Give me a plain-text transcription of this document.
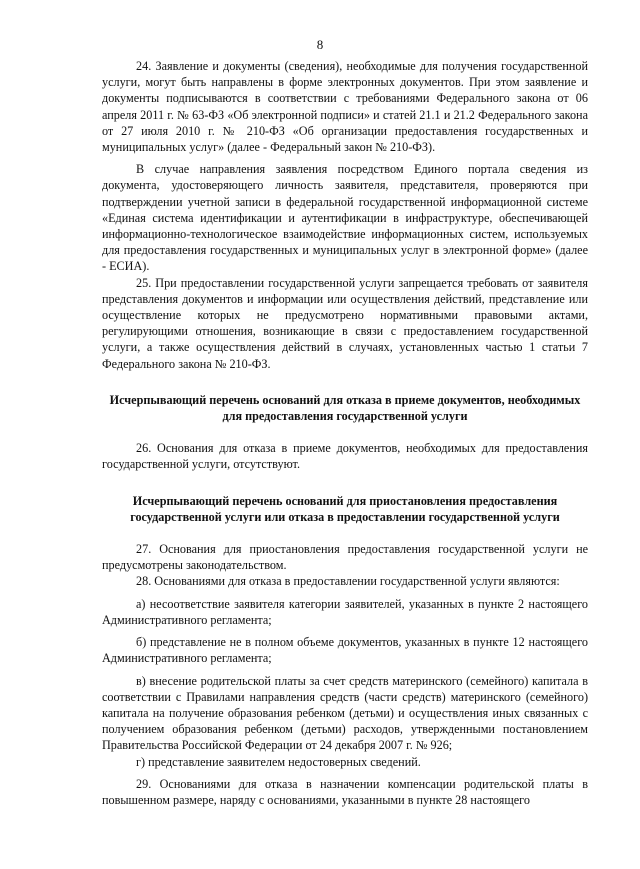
8

24. Заявление и документы (сведения), необходимые для получения государственной услуги, могут быть направлены в форме электронных документов. При этом заявление и документы подписываются в соответствии с требованиями Федерального закона от 06 апреля 2011 г. № 63-ФЗ «Об электронной подписи» и статей 21.1 и 21.2 Федерального закона от 27 июля 2010 г. № 210-ФЗ «Об организации предоставления государственных и муниципальных услуг» (далее - Федеральный закон № 210-ФЗ).

В случае направления заявления посредством Единого портала сведения из документа, удостоверяющего личность заявителя, представителя, проверяются при подтверждении учетной записи в федеральной государственной информационной системе «Единая система идентификации и аутентификации в инфраструктуре, обеспечивающей информационно-технологическое взаимодействие информационных систем, используемых для предоставления государственных и муниципальных услуг в электронной форме» (далее - ЕСИА).

25. При предоставлении государственной услуги запрещается требовать от заявителя представления документов и информации или осуществления действий, представление или осуществление которых не предусмотрено нормативными правовыми актами, регулирующими отношения, возникающие в связи с предоставлением государственной услуги, а также осуществления действий в случаях, установленных частью 1 статьи 7 Федерального закона № 210-ФЗ.

Исчерпывающий перечень оснований для отказа в приеме документов, необходимых для предоставления государственной услуги

26. Основания для отказа в приеме документов, необходимых для предоставления государственной услуги, отсутствуют.

Исчерпывающий перечень оснований для приостановления предоставления государственной услуги или отказа в предоставлении государственной услуги

27. Основания для приостановления предоставления государственной услуги не предусмотрены законодательством.

28. Основаниями для отказа в предоставлении государственной услуги являются:

а) несоответствие заявителя категории заявителей, указанных в пункте 2 настоящего Административного регламента;

б) представление не в полном объеме документов, указанных в пункте 12 настоящего Административного регламента;

в) внесение родительской платы за счет средств материнского (семейного) капитала в соответствии с Правилами направления средств (части средств) материнского (семейного) капитала на получение образования ребенком (детьми) и осуществления иных связанных с получением образования ребенком (детьми) расходов, утвержденными постановлением Правительства Российской Федерации от 24 декабря 2007 г. № 926;

г) представление заявителем недостоверных сведений.

29. Основаниями для отказа в назначении компенсации родительской платы в повышенном размере, наряду с основаниями, указанными в пункте 28 настоящего
